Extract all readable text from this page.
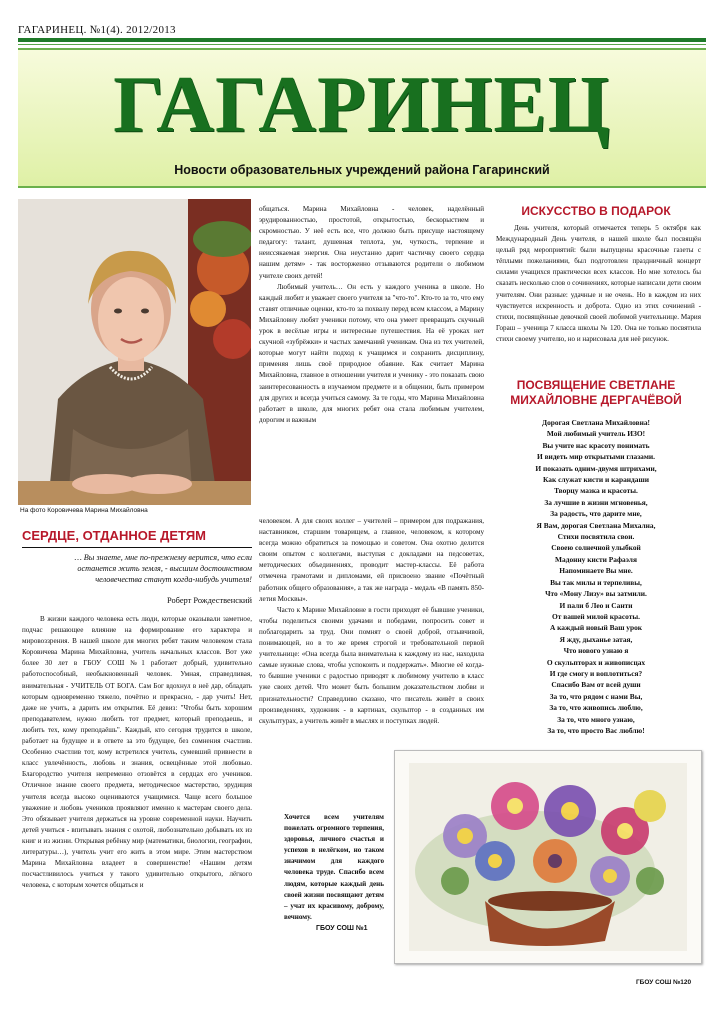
ГАГАРИНЕЦ. №1(4). 2012/2013
ГАГАРИНЕЦ
Новости образовательных учреждений района Гагаринский
На фото Коровичева Марина Михайловна
СЕРДЦЕ, ОТДАННОЕ ДЕТЯМ
… Вы знаете, мне по-прежнему верится, что если останется жить земля, - высшим достоинством человечества станут когда-нибудь учителя!
Роберт Рождественский

В жизни каждого человека есть люди, которые оказывали заметное, подчас решающее влияние на формирование его характера и мировоззрения. В нашей школе для многих ребят таким человеком стала Коровичева Марина Михайловна, учитель начальных классов. Вот уже более 30 лет в ГБОУ СОШ №1 работает добрый, удивительно работоспособный, необыкновенный человек. Умная, справедливая, внимательная - УЧИТЕЛЬ ОТ БОГА. Сам Бог вдохнул в неё дар, обладать которым одновременно тяжело, почётно и прекрасно, - дар учить! Нет, даже не учить, а дарить им открытия. Её девиз: "Чтобы быть хорошим преподавателем, нужно любить тот предмет, который преподаешь, и любить тех, кому преподаёшь". Каждый, кто сегодня трудится в школе, работает на будущее и в ответе за это будущее, без сомнения счастлив. Особенно счастлив тот, кому встретился учитель, сумевший привнести в класс увлечённость, любовь и знания, освещённые этой любовью. Благородство учителя непременно отзовётся в сердцах его учеников. Отличное знание своего предмета, методическое мастерство, эрудиция учителя всегда высоко оцениваются учащимися. Чаще всего большое уважение и любовь учеников проявляют именно к мастерам своего дела. Это обязывает учителя держаться на уровне современной науки. Научить детей учиться - впитывать знания с охотой, любознательно добывать их из книг и из жизни. Открывая ребёнку мир (математики, биологии, географии, литературы…), учитель учит его жить в этом мире. Этим мастерством Марина Михайловна владеет в совершенстве! «Нашим детям посчастливилось учиться у такого удивительно открытого, лёгкого человека, с которым хочется общаться и

общаться. Марина Михайловна - человек, наделённый эрудированностью, простотой, открытостью, бескорыстием и скромностью. У неё есть все, что должно быть присуще настоящему педагогу: талант, душевная теплота, ум, чуткость, терпение и неиссякаемая энергия. Она неустанно дарит частичку своего сердца нашим детям» - так восторженно отзываются родители о любимом учителе своих детей!

Любимый учитель… Он есть у каждого ученика в школе. Но каждый любит и уважает своего учителя за "что-то". Кто-то за то, что ему ставят отличные оценки, кто-то за похвалу перед всем классом, а Марину Михайловну любят ученики потому, что она умеет превращать скучный урок в весёлые игры и интересные путешествия. На её уроках нет скучной «зубрёжки» и частых замечаний ученикам. Она из тех учителей, которые могут найти подход к учащимся и сохранить дисциплину, применяя лишь своё природное обаяние. Как считает Марина Михайловна, главное в отношении учителя и ученику - это показать свою заинтересованность в изучаемом предмете и в общении, быть примером для других и всегда учиться самому. За те годы, что Марина Михайловна работает в школе, для многих ребят она стала любимым учителем, дорогим и важным

человеком. А для своих коллег – учителей – примером для подражания, наставником, старшим товарищем, а главное, человеком, к которому всегда можно обратиться за помощью и советом. Она охотно делится своим опытом с коллегами, выступая с докладами на педсоветах, методических объединениях, проводит мастер-классы. Её работа отмечена грамотами и дипломами, ей присвоено звание «Почётный работник общего образования», а так же награда - медаль «В память 850-летия Москвы».

Часто к Марине Михайловне в гости приходят её бывшие ученики, чтобы поделиться своими удачами и победами, попросить совет и поблагодарить за труд. Они помнят о своей доброй, отзывчивой, понимающей, но в то же время строгой и требовательной первой учительнице: «Она всегда была внимательна к каждому из нас, находила самые нужные слова, чтобы успокоить и поддержать». Многие её когда-то бывшие ученики с радостью приводят к любимому учителю в класс уже своих детей. Что может быть большим доказательством любви и признательности? Справедливо сказано, что писатель живёт в своих произведениях, художник - в картинах, скульптор - в созданных им скульптурах, а учитель живёт в мыслях и поступках людей.

Хочется всем учителям пожелать огромного терпения, здоровья, личного счастья и успехов в нелёгком, но таком значимом для каждого человека труде. Спасибо всем людям, которые каждый день своей жизни посвящают детям – учат их красивому, доброму, вечному.
ГБОУ СОШ №1
ИСКУССТВО В ПОДАРОК

День учителя, который отмечается теперь 5 октября как Международный День учителя, в нашей школе был посвящён целый ряд мероприятий: были выпущены красочные газеты с тёплыми пожеланиями, был подготовлен праздничный концерт силами учащихся практически всех классов. Но мне хотелось бы сказать несколько слов о сочинениях, которые написали дети своим учителям. Они разные: удачные и не очень. Но в каждом из них чувствуется искренность и доброта. Одно из этих сочинений - стихи, посвящённые девочкой своей любимой учительнице. Мария Гораш – ученица 7 класса школы № 120. Она не только посвятила стихи своему учителю, но и нарисовала для неё рисунок.

ПОСВЯЩЕНИЕ СВЕТЛАНЕ МИХАЙЛОВНЕ ДЕРГАЧЁВОЙ
Дорогая Светлана Михайловна!
Мой любимый учитель ИЗО!
Вы учите нас красоту понимать
И видеть мир открытыми глазами.
И показать одним-двумя штрихами,
Как служат кисти и карандаши
Творцу мазка и красоты.
За лучшие в жизни мгновенья,
За радость, что дарите мне,
Я Вам, дорогая Светлана Михална,
Стихи посвятила свои.
Своею солнечной улыбкой
Мадонну кисти Рафаэля
Напоминаете Вы мне.
Вы так милы и терпеливы,
Что «Мону Лизу» вы затмили.
И пали б Лео и Санти
От вашей милой красоты.
А каждый новый Ваш урок
Я жду, дыханье затая,
Что нового узнаю я
О скульпторах и живописцах
И где смогу и воплотиться?
Спасибо Вам от всей души
За то, что рядом с нами Вы,
За то, что живопись люблю,
За то, что много узнаю,
За то, что просто Вас люблю!
ГБОУ СОШ №120
